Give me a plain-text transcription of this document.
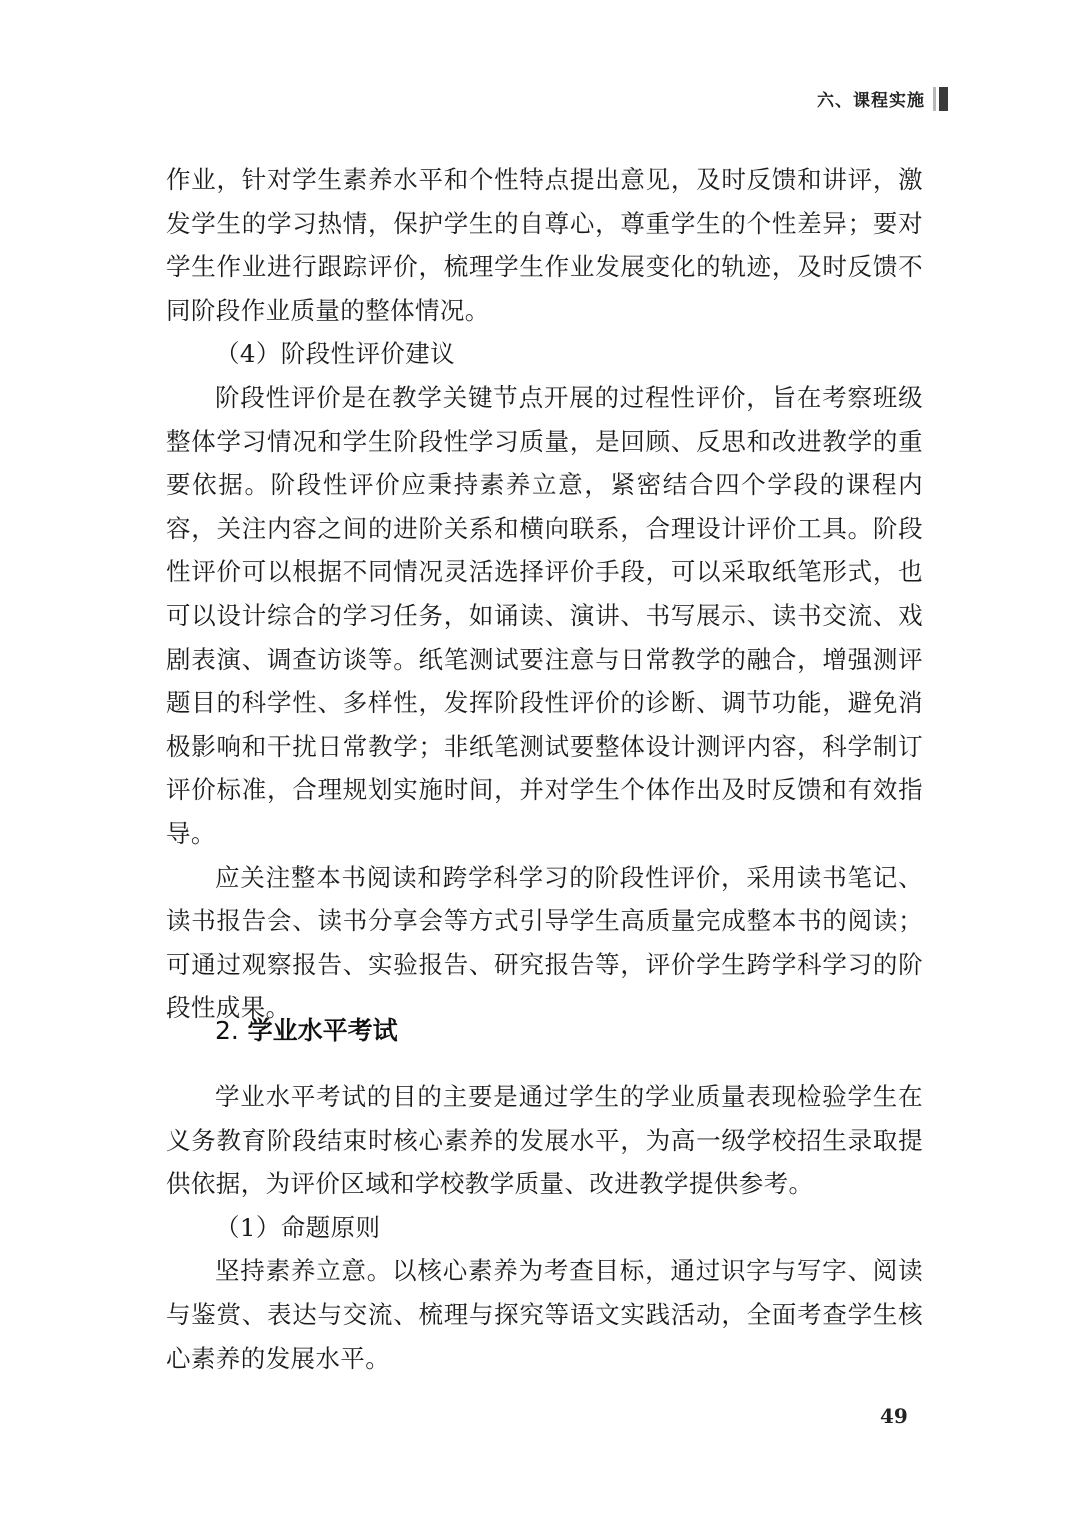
六、课程实施

作业，针对学生素养水平和个性特点提出意见，及时反馈和讲评，激发学生的学习热情，保护学生的自尊心，尊重学生的个性差异；要对学生作业进行跟踪评价，梳理学生作业发展变化的轨迹，及时反馈不同阶段作业质量的整体情况。

（4）阶段性评价建议

阶段性评价是在教学关键节点开展的过程性评价，旨在考察班级整体学习情况和学生阶段性学习质量，是回顾、反思和改进教学的重要依据。阶段性评价应秉持素养立意，紧密结合四个学段的课程内容，关注内容之间的进阶关系和横向联系，合理设计评价工具。阶段性评价可以根据不同情况灵活选择评价手段，可以采取纸笔形式，也可以设计综合的学习任务，如诵读、演讲、书写展示、读书交流、戏剧表演、调查访谈等。纸笔测试要注意与日常教学的融合，增强测评题目的科学性、多样性，发挥阶段性评价的诊断、调节功能，避免消极影响和干扰日常教学；非纸笔测试要整体设计测评内容，科学制订评价标准，合理规划实施时间，并对学生个体作出及时反馈和有效指导。

应关注整本书阅读和跨学科学习的阶段性评价，采用读书笔记、读书报告会、读书分享会等方式引导学生高质量完成整本书的阅读；可通过观察报告、实验报告、研究报告等，评价学生跨学科学习的阶段性成果。

2. 学业水平考试

学业水平考试的目的主要是通过学生的学业质量表现检验学生在义务教育阶段结束时核心素养的发展水平，为高一级学校招生录取提供依据，为评价区域和学校教学质量、改进教学提供参考。

（1）命题原则

坚持素养立意。以核心素养为考查目标，通过识字与写字、阅读与鉴赏、表达与交流、梳理与探究等语文实践活动，全面考查学生核心素养的发展水平。

49
